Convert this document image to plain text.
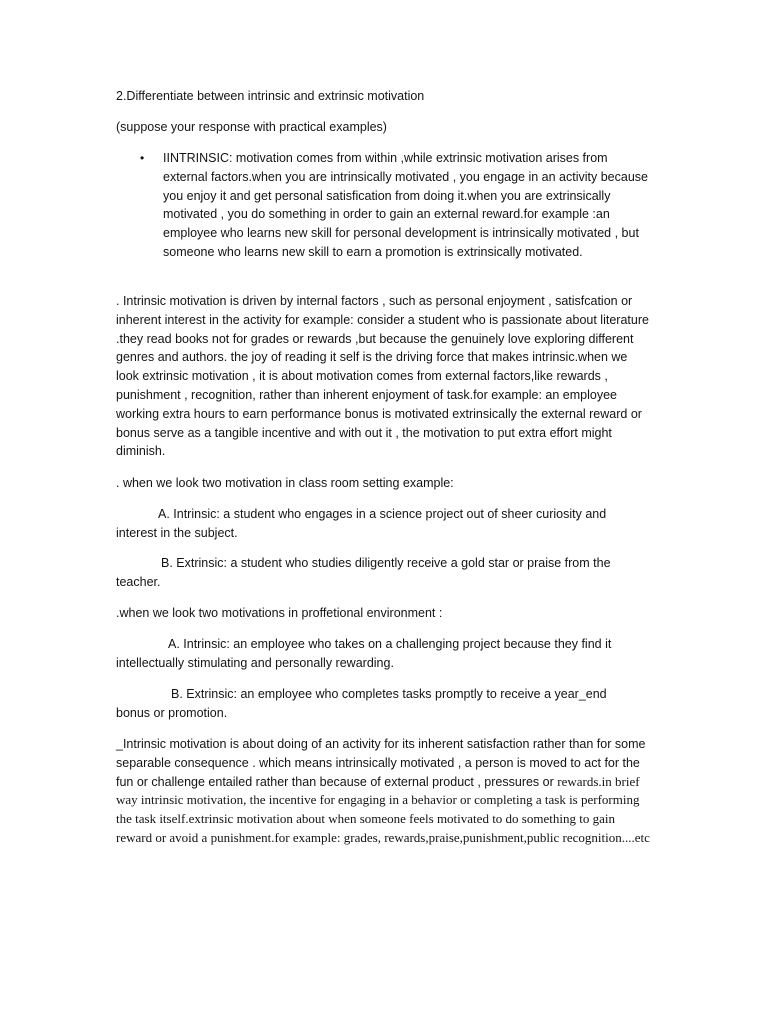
2.Differentiate between intrinsic and extrinsic motivation

(suppose your response with practical examples)

• IINTRINSIC: motivation comes from within ,while extrinsic motivation arises from external factors.when you are intrinsically motivated , you engage in an activity because you enjoy it and get personal satisfication from doing it.when you are extrinsically motivated , you do something in order to gain an external reward.for example :an employee who learns new skill for personal development is intrinsically motivated , but someone who learns new skill to earn a promotion is extrinsically motivated.

. Intrinsic motivation is driven by internal factors , such as personal enjoyment , satisfcation or inherent interest in the activity for example: consider a student who is passionate about literature .they read books not for grades or rewards ,but because the genuinely love exploring different genres and authors. the joy of reading it self is the driving force that makes intrinsic.when we look extrinsic motivation , it is about motivation comes from external factors,like rewards , punishment , recognition, rather than inherent enjoyment of task.for example: an employee working extra hours to earn performance bonus is motivated extrinsically the external reward or bonus serve as a tangible incentive and with out it , the motivation to put extra effort might diminish.

. when we look two motivation in class room setting example:

A. Intrinsic: a student who engages in a science project out of sheer curiosity and interest in the subject.

B. Extrinsic: a student who studies diligently receive a gold star or praise from the teacher.

.when we look two motivations in proffetional environment :

A. Intrinsic: an employee who takes on a challenging project because they find it intellectually stimulating and personally rewarding.

B. Extrinsic: an employee who completes tasks promptly to receive a year_end bonus or promotion.

_Intrinsic motivation is about doing of an activity for its inherent satisfaction rather than for some separable consequence . which means intrinsically motivated , a person is moved to act for the fun or challenge entailed rather than because of external product , pressures or rewards.in brief way intrinsic motivation, the incentive for engaging in a behavior or completing a task is performing the task itself.extrinsic motivation about when someone feels motivated to do something to gain reward or avoid a punishment.for example: grades, rewards,praise,punishment,public recognition....etc
